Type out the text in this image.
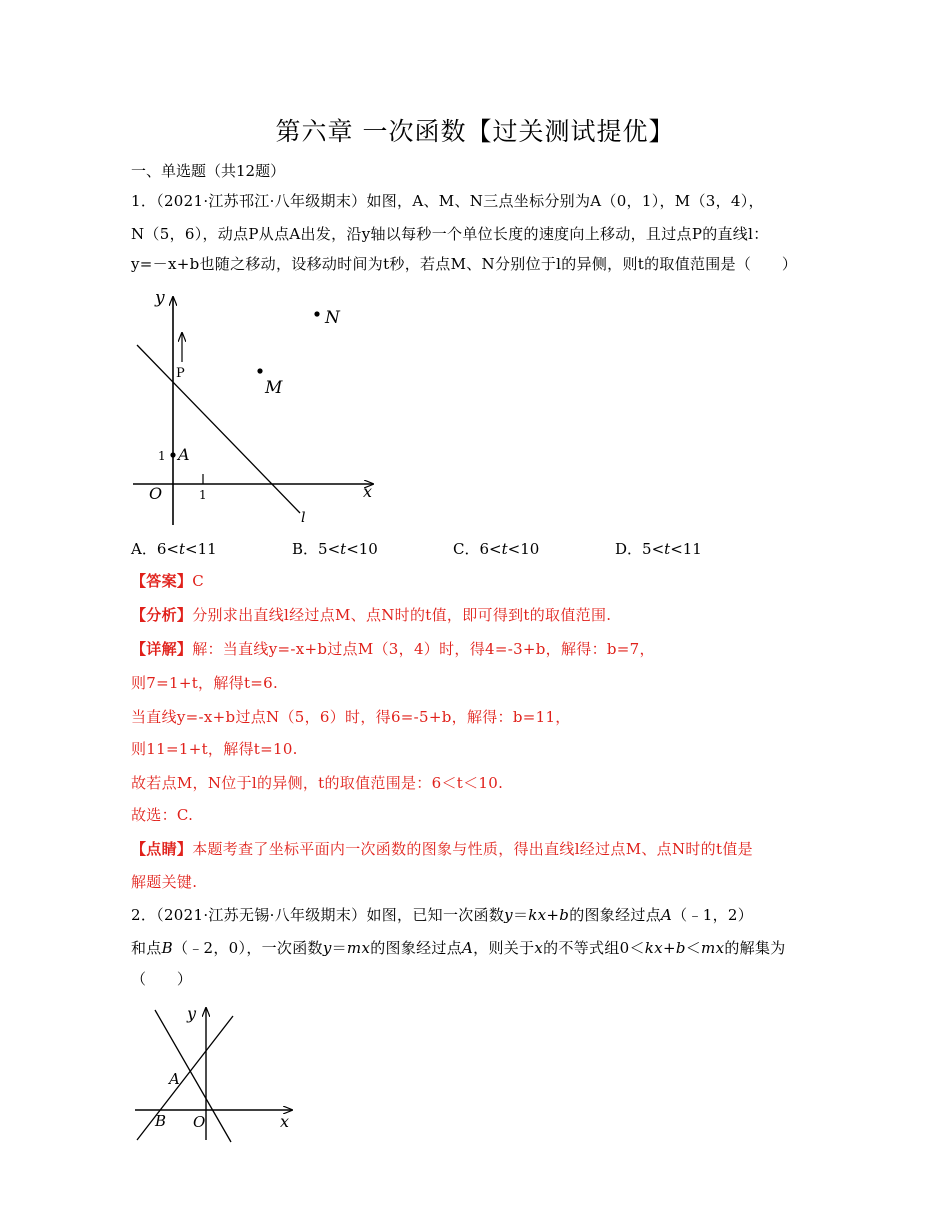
第六章 一次函数【过关测试提优】
一、单选题（共12题）
1．（2021·江苏邗江·八年级期末）如图，A、M、N三点坐标分别为A（0，1），M（3，4），
N（5，6），动点P从点A出发，沿y轴以每秒一个单位长度的速度向上移动，且过点P的直线l：
y=－x+b也随之移动，设移动时间为t秒，若点M、N分别位于l的异侧，则t的取值范围是（　　）
y
x
O	1
1 A
P
M
N
l
A．6<t<11	B．5<t<10	C．6<t<10	D．5<t<11
【答案】C
【分析】分别求出直线l经过点M、点N时的t值，即可得到t的取值范围.
【详解】解：当直线y=-x+b过点M（3，4）时，得4=-3+b，解得：b=7，
则7=1+t，解得t=6.
当直线y=-x+b过点N（5，6）时，得6=-5+b，解得：b=11，
则11=1+t，解得t=10.
故若点M，N位于l的异侧，t的取值范围是：6＜t＜10.
故选：C.
【点睛】本题考查了坐标平面内一次函数的图象与性质，得出直线l经过点M、点N时的t值是
解题关键.
2．（2021·江苏无锡·八年级期末）如图，已知一次函数y＝kx+b的图象经过点A（﹣1，2）
和点B（﹣2，0），一次函数y＝mx的图象经过点A，则关于x的不等式组0＜kx+b＜mx的解集为
（　　）
y
x
A
B O
